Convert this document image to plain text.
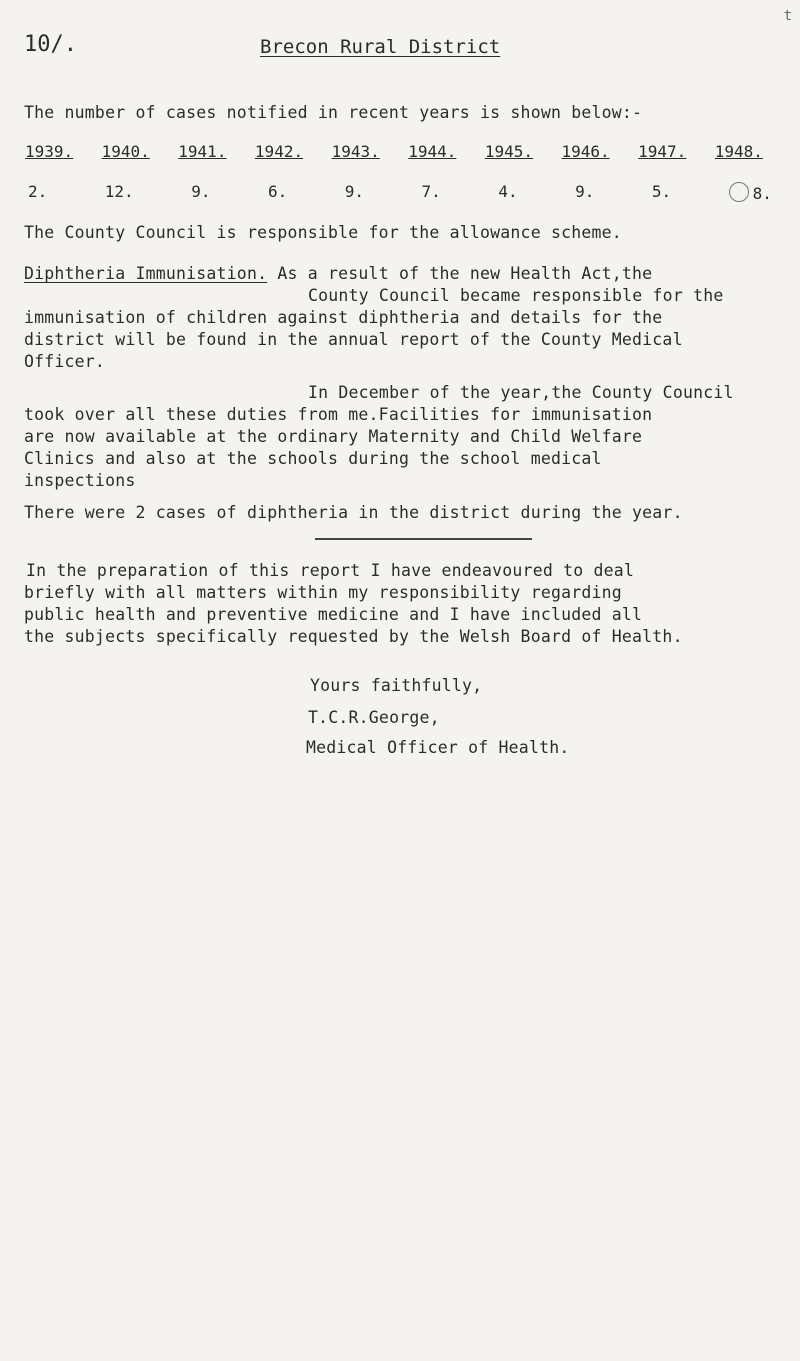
t
10/.	Brecon Rural District
The number of cases notified in recent years is shown below:-
1939. 1940. 1941. 1942. 1943. 1944. 1945. 1946. 1947. 1948.
2.	12.	9.	6.	9.	7.	4.	9.	5.	8.
The County Council is responsible for the allowance scheme.
Diphtheria Immunisation. As a result of the new Health Act,the
County Council became responsible for the
immunisation of children against diphtheria and details for the
district will be found in the annual report of the County Medical
Officer.
In December of the year,the County Council
took over all these duties from me.Facilities for immunisation
are now available at the ordinary Maternity and Child Welfare
Clinics and also at the schools during the school medical
inspections
There were 2 cases of diphtheria in the district during the year.
In the preparation of this report I have endeavoured to deal
briefly with all matters within my responsibility regarding
public health and preventive medicine and I have included all
the subjects specifically requested by the Welsh Board of Health.
Yours faithfully,
T.C.R.George,
Medical Officer of Health.
